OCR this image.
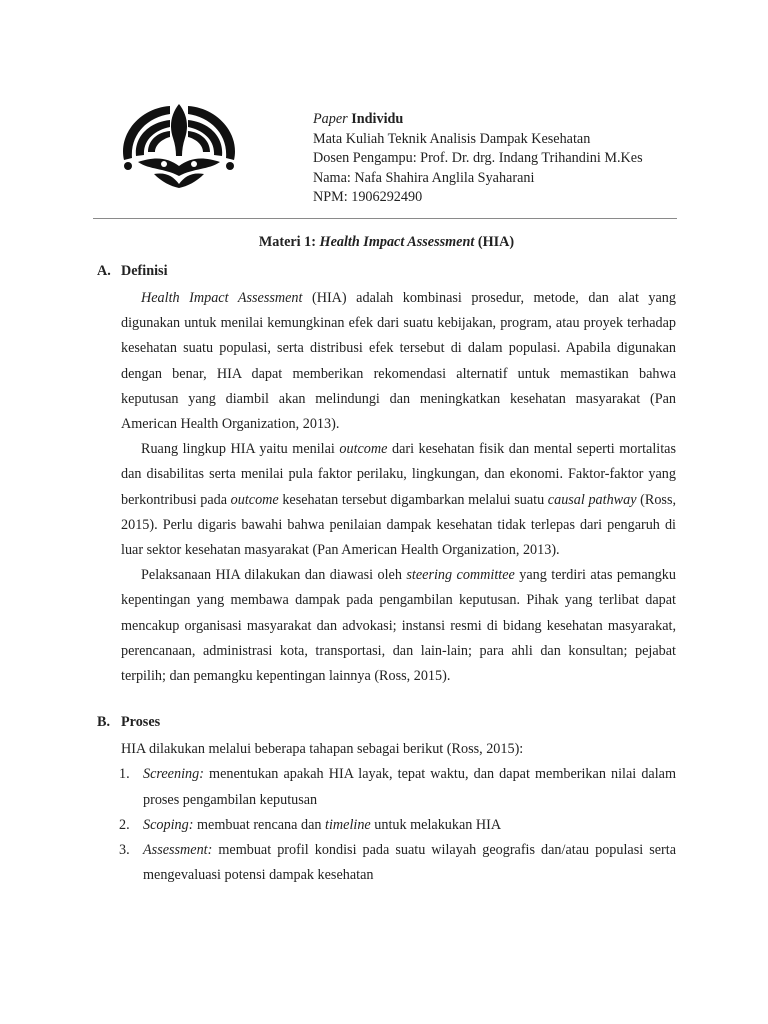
Paper Individu
Mata Kuliah Teknik Analisis Dampak Kesehatan
Dosen Pengampu: Prof. Dr. drg. Indang Trihandini M.Kes
Nama: Nafa Shahira Anglila Syaharani
NPM: 1906292490
Materi 1: Health Impact Assessment (HIA)
A. Definisi

Health Impact Assessment (HIA) adalah kombinasi prosedur, metode, dan alat yang digunakan untuk menilai kemungkinan efek dari suatu kebijakan, program, atau proyek terhadap kesehatan suatu populasi, serta distribusi efek tersebut di dalam populasi. Apabila digunakan dengan benar, HIA dapat memberikan rekomendasi alternatif untuk memastikan bahwa keputusan yang diambil akan melindungi dan meningkatkan kesehatan masyarakat (Pan American Health Organization, 2013).

Ruang lingkup HIA yaitu menilai outcome dari kesehatan fisik dan mental seperti mortalitas dan disabilitas serta menilai pula faktor perilaku, lingkungan, dan ekonomi. Faktor-faktor yang berkontribusi pada outcome kesehatan tersebut digambarkan melalui suatu causal pathway (Ross, 2015). Perlu digaris bawahi bahwa penilaian dampak kesehatan tidak terlepas dari pengaruh di luar sektor kesehatan masyarakat (Pan American Health Organization, 2013).

Pelaksanaan HIA dilakukan dan diawasi oleh steering committee yang terdiri atas pemangku kepentingan yang membawa dampak pada pengambilan keputusan. Pihak yang terlibat dapat mencakup organisasi masyarakat dan advokasi; instansi resmi di bidang kesehatan masyarakat, perencanaan, administrasi kota, transportasi, dan lain-lain; para ahli dan konsultan; pejabat terpilih; dan pemangku kepentingan lainnya (Ross, 2015).

B. Proses

HIA dilakukan melalui beberapa tahapan sebagai berikut (Ross, 2015):

1. Screening: menentukan apakah HIA layak, tepat waktu, dan dapat memberikan nilai dalam proses pengambilan keputusan
2. Scoping: membuat rencana dan timeline untuk melakukan HIA
3. Assessment: membuat profil kondisi pada suatu wilayah geografis dan/atau populasi serta mengevaluasi potensi dampak kesehatan
